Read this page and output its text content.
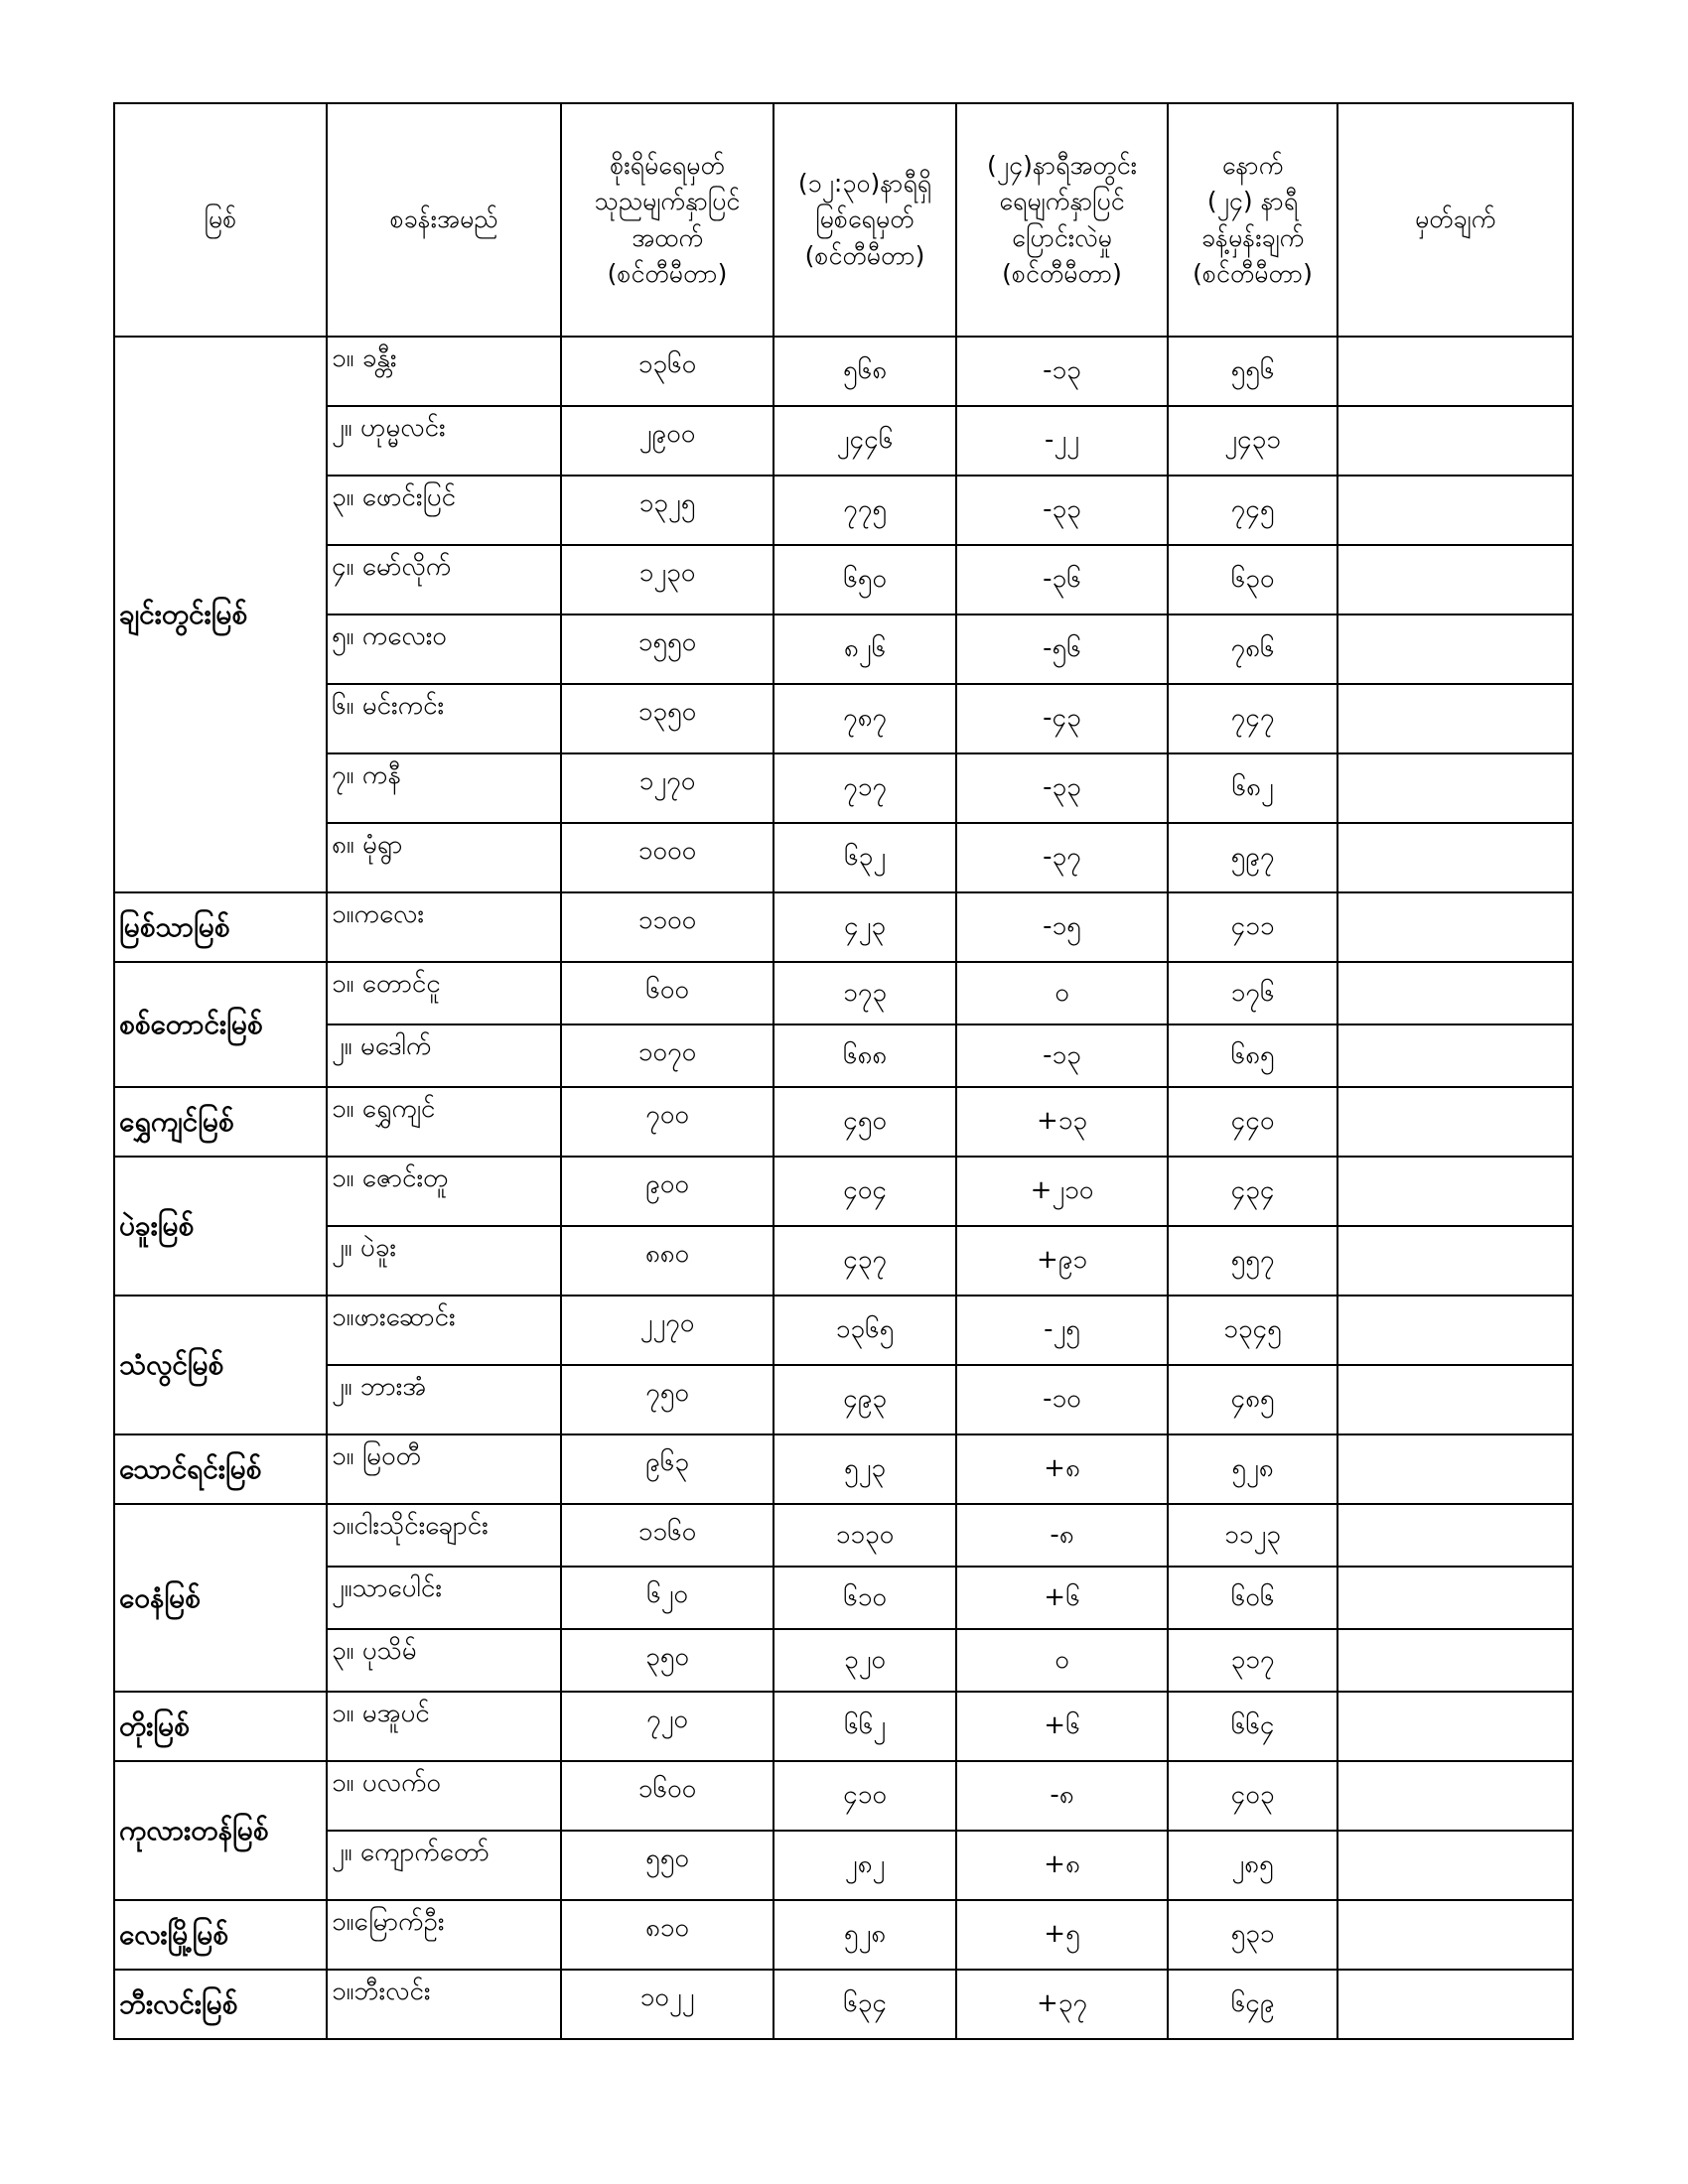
မြစ်	စခန်းအမည်	စိုးရိမ်ရေမှတ်
သုညမျက်နှာပြင်
အထက်
(စင်တီမီတာ)	(၁၂:၃၀)နာရီရှိ
မြစ်ရေမှတ်
(စင်တီမီတာ)	(၂၄)နာရီအတွင်း
ရေမျက်နှာပြင်
ပြောင်းလဲမှု
(စင်တီမီတာ)	နောက်
(၂၄) နာရီ
ခန့်မှန်းချက်
(စင်တီမီတာ)	မှတ်ချက်
ချင်းတွင်းမြစ်	၁။ ခန္တီး	၁၃၆၀	၅၆၈	-၁၃	၅၅၆	
	၂။ ဟုမ္မလင်း	၂၉၀၀	၂၄၄၆	-၂၂	၂၄၃၁	
	၃။ ဖောင်းပြင်	၁၃၂၅	၇၇၅	-၃၃	၇၄၅	
	၄။ မော်လိုက်	၁၂၃၀	၆၅၀	-၃၆	၆၃၀	
	၅။ ကလေးဝ	၁၅၅၀	၈၂၆	-၅၆	၇၈၆	
	၆။ မင်းကင်း	၁၃၅၀	၇၈၇	-၄၃	၇၄၇	
	၇။ ကနီ	၁၂၇၀	၇၁၇	-၃၃	၆၈၂	
	၈။ မုံရွာ	၁၀၀၀	၆၃၂	-၃၇	၅၉၇	
မြစ်သာမြစ်	၁။ကလေး	၁၁၀၀	၄၂၃	-၁၅	၄၁၁	
စစ်တောင်းမြစ်	၁။ တောင်ငူ	၆၀၀	၁၇၃	၀	၁၇၆	
	၂။ မဒေါက်	၁၀၇၀	၆၈၈	-၁၃	၆၈၅	
ရွှေကျင်မြစ်	၁။ ရွှေကျင်	၇၀၀	၄၅၀	+၁၃	၄၄၀	
ပဲခူးမြစ်	၁။ ဇောင်းတူ	၉၀၀	၄၀၄	+၂၁၀	၄၃၄	
	၂။ ပဲခူး	၈၈၀	၄၃၇	+၉၁	၅၅၇	
သံလွင်မြစ်	၁။ဖားဆောင်း	၂၂၇၀	၁၃၆၅	-၂၅	၁၃၄၅	
	၂။ ဘားအံ	၇၅၀	၄၉၃	-၁၀	၄၈၅	
သောင်ရင်းမြစ်	၁။ မြဝတီ	၉၆၃	၅၂၃	+၈	၅၂၈	
ဝေနံမြစ်	၁။ငါးသိုင်းချောင်း	၁၁၆၀	၁၁၃၀	-၈	၁၁၂၃	
	၂။သာပေါင်း	၆၂၀	၆၁၀	+၆	၆၀၆	
	၃။ ပုသိမ်	၃၅၀	၃၂၀	၀	၃၁၇	
တိုးမြစ်	၁။ မအူပင်	၇၂၀	၆၆၂	+၆	၆၆၄	
ကုလားတန်မြစ်	၁။ ပလက်ဝ	၁၆၀၀	၄၁၀	-၈	၄၀၃	
	၂။ ကျောက်တော်	၅၅၀	၂၈၂	+၈	၂၈၅	
လေးမြို့မြစ်	၁။မြောက်ဦး	၈၁၀	၅၂၈	+၅	၅၃၁	
ဘီးလင်းမြစ်	၁။ဘီးလင်း	၁၀၂၂	၆၃၄	+၃၇	၆၄၉	
